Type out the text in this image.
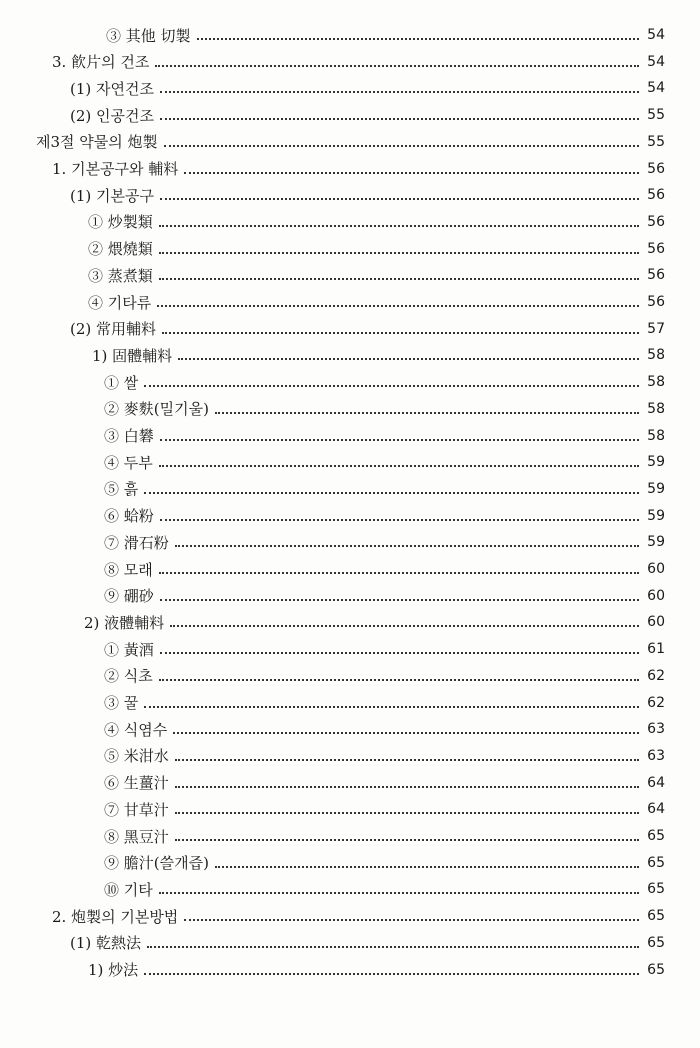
③ 其他 切製	54
3. 飮片의 건조	54
(1) 자연건조	54
(2) 인공건조	55
제3절 약물의 炮製	55
1. 기본공구와 輔料	56
(1) 기본공구	56
① 炒製類	56
② 煨燒類	56
③ 蒸煮類	56
④ 기타류	56
(2) 常用輔料	57
1) 固體輔料	58
① 쌀	58
② 麥麩(밀기울)	58
③ 白礬	58
④ 두부	59
⑤ 흙	59
⑥ 蛤粉	59
⑦ 滑石粉	59
⑧ 모래	60
⑨ 硼砂	60
2) 液體輔料	60
① 黃酒	61
② 식초	62
③ 꿀	62
④ 식염수	63
⑤ 米泔水	63
⑥ 生薑汁	64
⑦ 甘草汁	64
⑧ 黑豆汁	65
⑨ 膽汁(쓸개즙)	65
⑩ 기타	65
2. 炮製의 기본방법	65
(1) 乾熱法	65
1) 炒法	65
